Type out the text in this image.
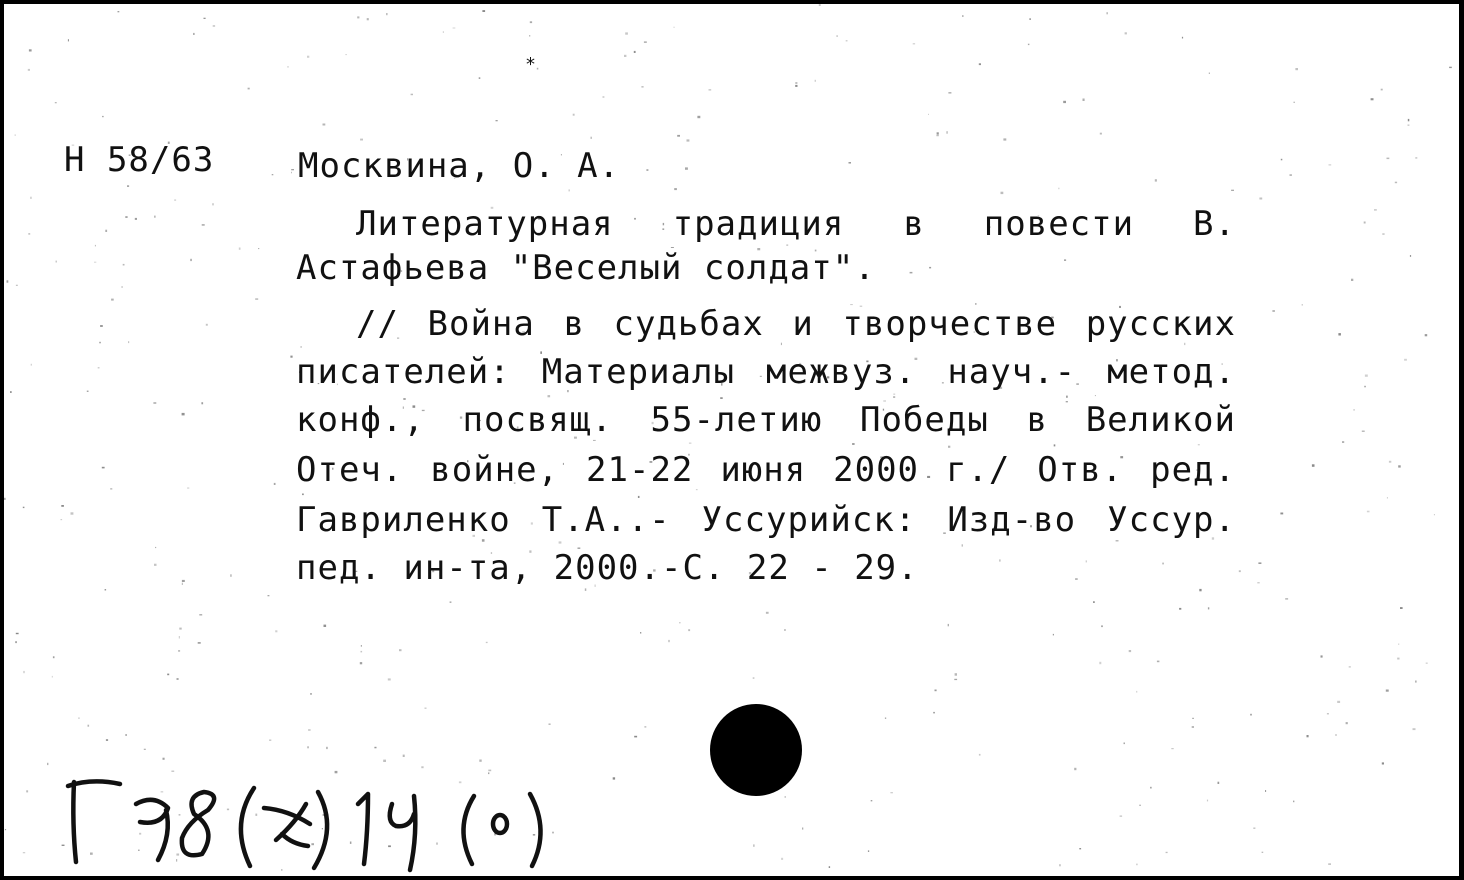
*
Н 58/63 Москвина, О. А.
Литературная традиция в повести В.
Астафьева "Веселый солдат".
// Война в судьбах и творчестве русских
писателей: Материалы межвуз. науч.- метод.
конф., посвящ. 55-летию Победы в Великой
Отеч. войне, 21-22 июня 2000 г./ Отв. ред.
Гавриленко Т.А..- Уссурийск: Изд-во Уссур.
пед. ин-та, 2000.-С. 22 - 29.
